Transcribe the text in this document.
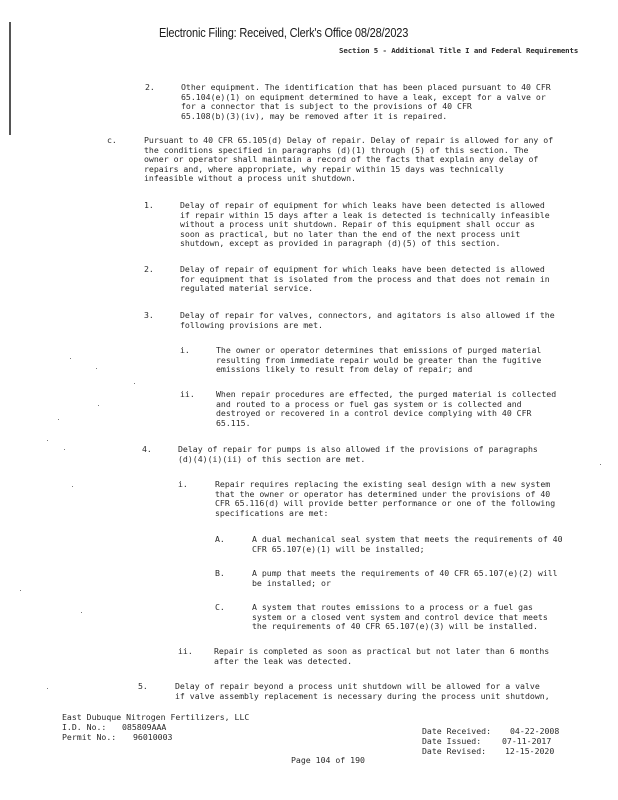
Electronic Filing: Received, Clerk's Office 08/28/2023
Section 5 - Additional Title I and Federal Requirements
2.	Other equipment. The identification that has been placed pursuant to 40 CFR
65.104(e)(1) on equipment determined to have a leak, except for a valve or
for a connector that is subject to the provisions of 40 CFR
65.108(b)(3)(iv), may be removed after it is repaired.
c.	Pursuant to 40 CFR 65.105(d) Delay of repair. Delay of repair is allowed for any of
the conditions specified in paragraphs (d)(1) through (5) of this section. The
owner or operator shall maintain a record of the facts that explain any delay of
repairs and, where appropriate, why repair within 15 days was technically
infeasible without a process unit shutdown.
1.	Delay of repair of equipment for which leaks have been detected is allowed
if repair within 15 days after a leak is detected is technically infeasible
without a process unit shutdown. Repair of this equipment shall occur as
soon as practical, but no later than the end of the next process unit
shutdown, except as provided in paragraph (d)(5) of this section.
2.	Delay of repair of equipment for which leaks have been detected is allowed
for equipment that is isolated from the process and that does not remain in
regulated material service.
3.	Delay of repair for valves, connectors, and agitators is also allowed if the
following provisions are met.
i.	The owner or operator determines that emissions of purged material
resulting from immediate repair would be greater than the fugitive
emissions likely to result from delay of repair; and
ii.	When repair procedures are effected, the purged material is collected
and routed to a process or fuel gas system or is collected and
destroyed or recovered in a control device complying with 40 CFR
65.115.
4.	Delay of repair for pumps is also allowed if the provisions of paragraphs
(d)(4)(i)(ii) of this section are met.
i.	Repair requires replacing the existing seal design with a new system
that the owner or operator has determined under the provisions of 40
CFR 65.116(d) will provide better performance or one of the following
specifications are met:
A.	A dual mechanical seal system that meets the requirements of 40
CFR 65.107(e)(1) will be installed;
B.	A pump that meets the requirements of 40 CFR 65.107(e)(2) will
be installed; or
C.	A system that routes emissions to a process or a fuel gas
system or a closed vent system and control device that meets
the requirements of 40 CFR 65.107(e)(3) will be installed.
ii.	Repair is completed as soon as practical but not later than 6 months
after the leak was detected.
5.	Delay of repair beyond a process unit shutdown will be allowed for a valve
if valve assembly replacement is necessary during the process unit shutdown,
East Dubuque Nitrogen Fertilizers, LLC
I.D. No.: 085809AAA
Permit No.: 96010003
Date Received: 04-22-2008
Date Issued:	07-11-2017
Date Revised: 12-15-2020
Page 104 of 190
